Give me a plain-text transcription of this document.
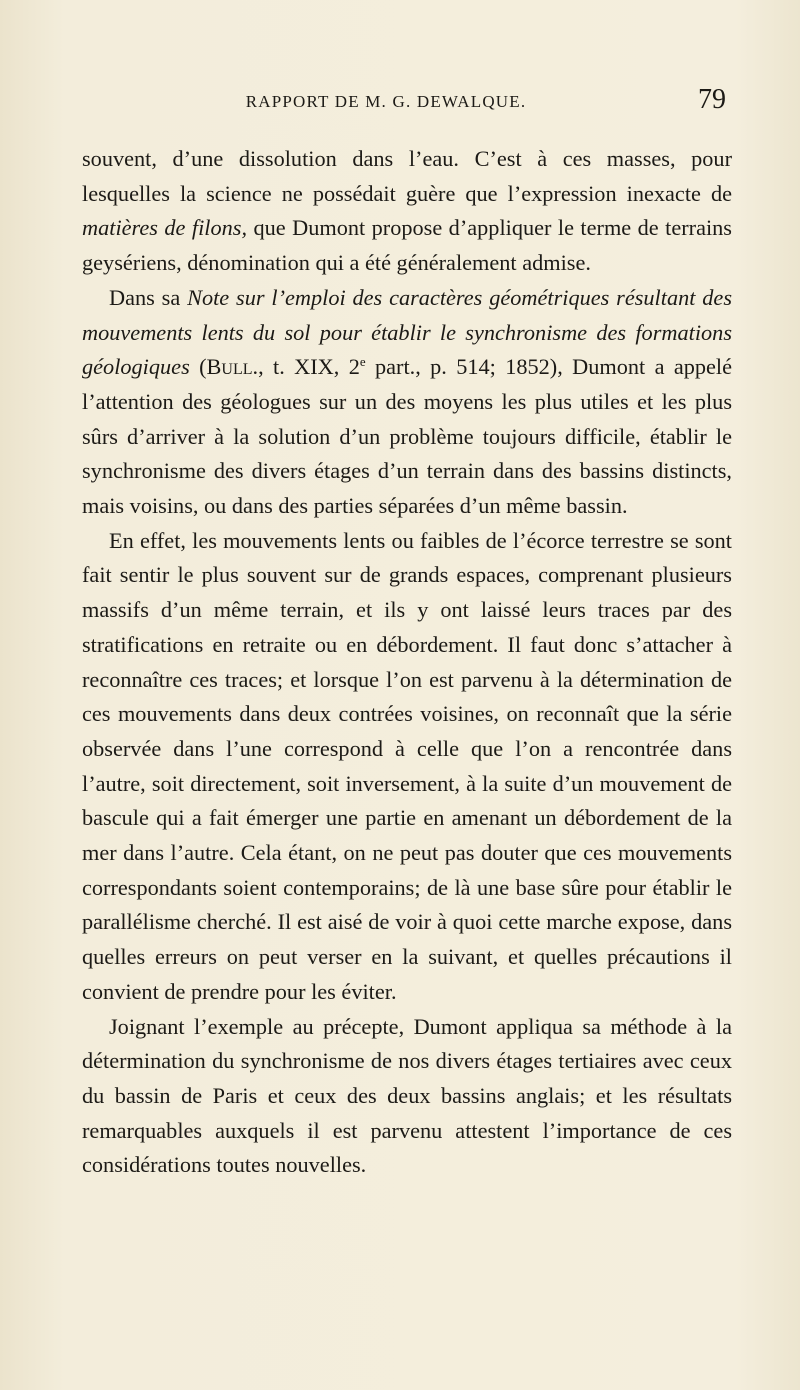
RAPPORT DE M. G. DEWALQUE.	79

souvent, d’une dissolution dans l’eau. C’est à ces masses, pour lesquelles la science ne possédait guère que l’expression inexacte de matières de filons, que Dumont propose d’appliquer le terme de terrains geysériens, dénomination qui a été généralement admise.

Dans sa Note sur l’emploi des caractères géométriques résultant des mouvements lents du sol pour établir le synchronisme des formations géologiques (Bull., t. XIX, 2e part., p. 514; 1852), Dumont a appelé l’attention des géologues sur un des moyens les plus utiles et les plus sûrs d’arriver à la solution d’un problème toujours difficile, établir le synchronisme des divers étages d’un terrain dans des bassins distincts, mais voisins, ou dans des parties séparées d’un même bassin.

En effet, les mouvements lents ou faibles de l’écorce terrestre se sont fait sentir le plus souvent sur de grands espaces, comprenant plusieurs massifs d’un même terrain, et ils y ont laissé leurs traces par des stratifications en retraite ou en débordement. Il faut donc s’attacher à reconnaître ces traces; et lorsque l’on est parvenu à la détermination de ces mouvements dans deux contrées voisines, on reconnaît que la série observée dans l’une correspond à celle que l’on a rencontrée dans l’autre, soit directement, soit inversement, à la suite d’un mouvement de bascule qui a fait émerger une partie en amenant un débordement de la mer dans l’autre. Cela étant, on ne peut pas douter que ces mouvements correspondants soient contemporains; de là une base sûre pour établir le parallélisme cherché. Il est aisé de voir à quoi cette marche expose, dans quelles erreurs on peut verser en la suivant, et quelles précautions il convient de prendre pour les éviter.

Joignant l’exemple au précepte, Dumont appliqua sa méthode à la détermination du synchronisme de nos divers étages tertiaires avec ceux du bassin de Paris et ceux des deux bassins anglais; et les résultats remarquables auxquels il est parvenu attestent l’importance de ces considérations toutes nouvelles.
